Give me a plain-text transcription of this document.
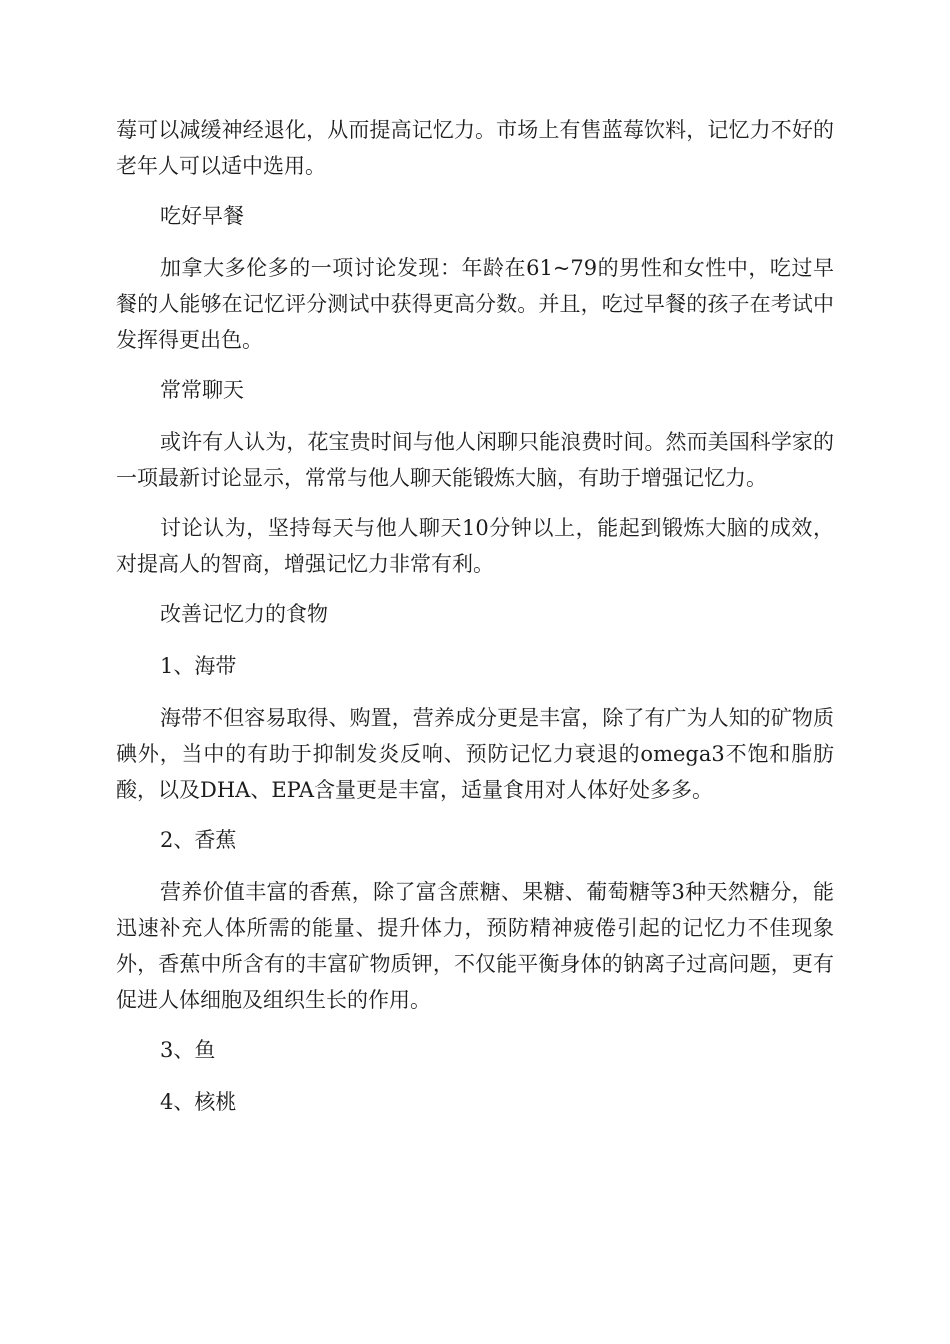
莓可以减缓神经退化，从而提高记忆力。市场上有售蓝莓饮料，记忆力不好的老年人可以适中选用。

吃好早餐

加拿大多伦多的一项讨论发现：年龄在61~79的男性和女性中，吃过早餐的人能够在记忆评分测试中获得更高分数。并且，吃过早餐的孩子在考试中发挥得更出色。

常常聊天

或许有人认为，花宝贵时间与他人闲聊只能浪费时间。然而美国科学家的一项最新讨论显示，常常与他人聊天能锻炼大脑，有助于增强记忆力。

讨论认为，坚持每天与他人聊天10分钟以上，能起到锻炼大脑的成效，对提高人的智商，增强记忆力非常有利。

改善记忆力的食物

1、海带

海带不但容易取得、购置，营养成分更是丰富，除了有广为人知的矿物质碘外，当中的有助于抑制发炎反响、预防记忆力衰退的omega3不饱和脂肪酸，以及DHA、EPA含量更是丰富，适量食用对人体好处多多。

2、香蕉

营养价值丰富的香蕉，除了富含蔗糖、果糖、葡萄糖等3种天然糖分，能迅速补充人体所需的能量、提升体力，预防精神疲倦引起的记忆力不佳现象外，香蕉中所含有的丰富矿物质钾，不仅能平衡身体的钠离子过高问题，更有促进人体细胞及组织生长的作用。

3、鱼

4、核桃
